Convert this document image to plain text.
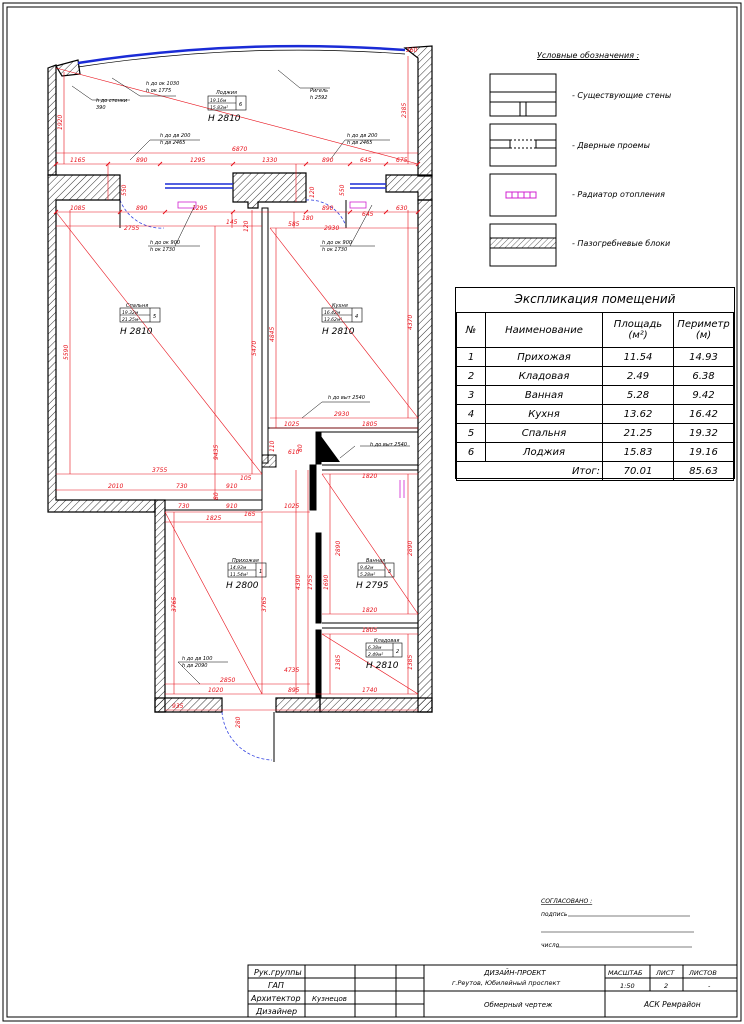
Лоджия
19.16м
15.83м²
6
Н 2810
Спальня
19.32м
21.25м²
5
Н 2810
Кухня
16.42м
13.62м²
4
Н 2810
Прихожая
14.93м
11.54м²
1
Н 2800
Ванная
9.42м
5.28м²
3
Н 2795
Кладовая
6.38м
2.49м²
2
Н 2810
h до ок 1030
h ок 1775
h до стенки
390
Ригель
h 2592
h до дв 200
h дв 2465
h до дв 200
h дв 2465
h до ок 900
h ок 1730
h до ок 900
h ок 1730
h до выт 2540
h до выт 2540
h до дв 100
h дв 2090
1920
2385
360
1165	890	1295	1330	890	645	675
6870
550	550
120
120
1085	890	1295
585
890	630
2755
145
2930
180
645
5590	5470
4845
4370
2930
1025	1805
610
80
110
3755
9435
1820
2010	730	910
105
80
730	910	1025
1825
165
2890	2890
3765	3765
4390 1755 1690
1820
1805
4735
1385	1385
2850
895	1740
1020
935
280
СОГЛАСОВАНО :
подпись
число
Рук.группы
ГАП
Архитектор
Дизайнер
Кузнецов
ДИЗАЙН-ПРОЕКТ
г.Реутов, Юбилейный проспект
Обмерный чертеж
МАСШТАБ ЛИСТ ЛИСТОВ
1:50	2	-
АСК Ремрайон
Условные обозначения :
- Существующие стены
- Дверные проемы
- Радиатор отопления
- Пазогребневые блоки
Экспликация помещений
№	Наименование	Площадь (м²)	Периметр (м)
1	Прихожая	11.54	14.93
2	Кладовая	2.49	6.38
3	Ванная	5.28	9.42
4	Кухня	13.62	16.42
5	Спальня	21.25	19.32
6	Лоджия	15.83	19.16
	Итог:	70.01	85.63
